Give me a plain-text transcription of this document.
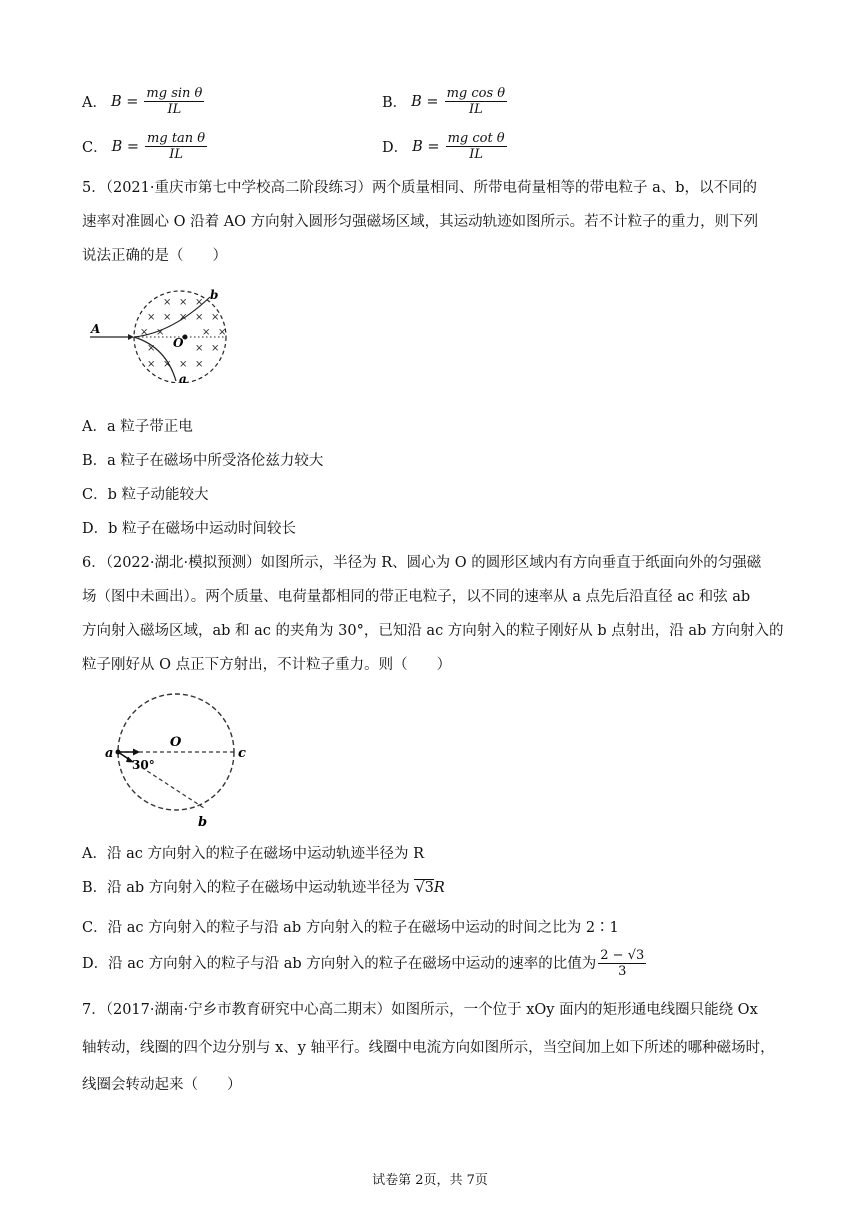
A． $B = \frac{\text{mg sin θ}}{IL}$	B． $B = \frac{\text{mg cos θ}}{IL}$
C． $B = \frac{\text{mg tan θ}}{IL}$	D． $B = \frac{\text{mg cot θ}}{IL}$
5．（2021·重庆市第七中学校高二阶段练习）两个质量相同、所带电荷量相等的带电粒子 a、b，以不同的
速率对准圆心 O 沿着 AO 方向射入圆形匀强磁场区域，其运动轨迹如图所示。若不计粒子的重力，则下列
说法正确的是（　　）
A
O
b
a
× × ×
× × × × ×
× ×	× ×
×	× ×
× × × ×
A．a 粒子带正电
B．a 粒子在磁场中所受洛伦兹力较大
C．b 粒子动能较大
D．b 粒子在磁场中运动时间较长
6．（2022·湖北·模拟预测）如图所示，半径为 R、圆心为 O 的圆形区域内有方向垂直于纸面向外的匀强磁
场（图中未画出）。两个质量、电荷量都相同的带正电粒子，以不同的速率从 a 点先后沿直径 ac 和弦 ab
方向射入磁场区域，ab 和 ac 的夹角为 30°，已知沿 ac 方向射入的粒子刚好从 b 点射出，沿 ab 方向射入的
粒子刚好从 O 点正下方射出，不计粒子重力。则（　　）
a
O
c
b
30°
A．沿 ac 方向射入的粒子在磁场中运动轨迹半径为 R
B．沿 ab 方向射入的粒子在磁场中运动轨迹半径为 √3R
C．沿 ac 方向射入的粒子与沿 ab 方向射入的粒子在磁场中运动的时间之比为 2∶1
D．沿 ac 方向射入的粒子与沿 ab 方向射入的粒子在磁场中运动的速率的比值为 $\frac{2 - √3}{3}$
7．（2017·湖南·宁乡市教育研究中心高二期末）如图所示，一个位于 xOy 面内的矩形通电线圈只能绕 Ox
轴转动，线圈的四个边分别与 x、y 轴平行。线圈中电流方向如图所示，当空间加上如下所述的哪种磁场时，
线圈会转动起来（　　）
试卷第 2页，共 7页
